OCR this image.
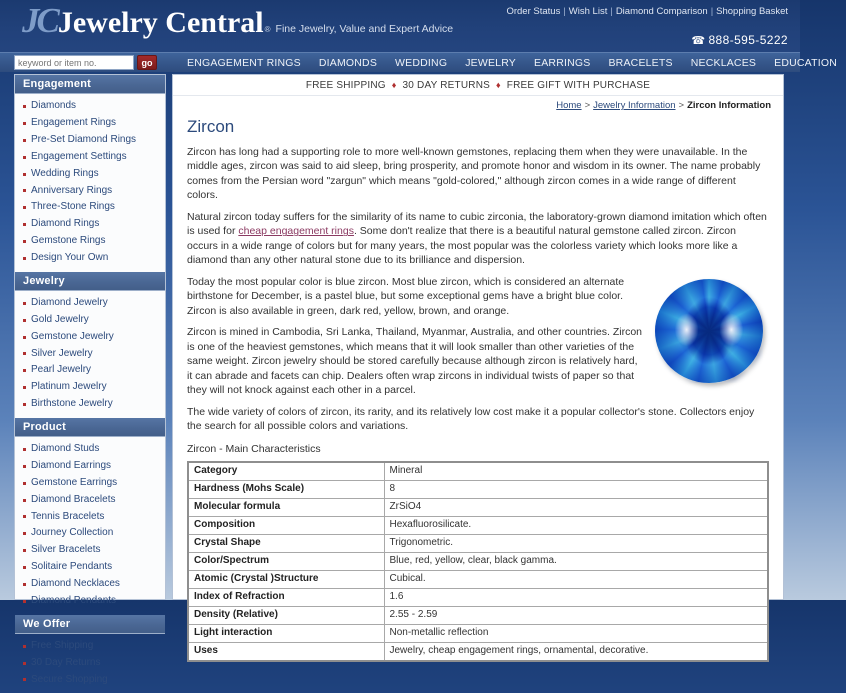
JC Jewelry Central ® Fine Jewelry, Value and Expert Advice
Order Status | Wish List | Diamond Comparison | Shopping Basket
☎ 888-595-5222
ENGAGEMENT RINGS	DIAMONDS	WEDDING	JEWELRY	EARRINGS	BRACELETS	NECKLACES	EDUCATION
keyword or item no.
go
Engagement
Diamonds
Engagement Rings
Pre-Set Diamond Rings
Engagement Settings
Wedding Rings
Anniversary Rings
Three-Stone Rings
Diamond Rings
Gemstone Rings
Design Your Own
Jewelry
Diamond Jewelry
Gold Jewelry
Gemstone Jewelry
Silver Jewelry
Pearl Jewelry
Platinum Jewelry
Birthstone Jewelry
Product
Diamond Studs
Diamond Earrings
Gemstone Earrings
Diamond Bracelets
Tennis Bracelets
Journey Collection
Silver Bracelets
Solitaire Pendants
Diamond Necklaces
Diamond Pendants
We Offer
Free Shipping
30 Day Returns
Secure Shopping
FREE SHIPPING ♦ 30 DAY RETURNS ♦ FREE GIFT WITH PURCHASE
Home > Jewelry Information > Zircon Information
Zircon

Zircon has long had a supporting role to more well-known gemstones, replacing them when they were unavailable. In the middle ages, zircon was said to aid sleep, bring prosperity, and promote honor and wisdom in its owner. The name probably comes from the Persian word "zargun" which means "gold-colored," although zircon comes in a wide range of different colors.

Natural zircon today suffers for the similarity of its name to cubic zirconia, the laboratory-grown diamond imitation which often is used for cheap engagement rings. Some don't realize that there is a beautiful natural gemstone called zircon. Zircon occurs in a wide range of colors but for many years, the most popular was the colorless variety which looks more like a diamond than any other natural stone due to its brilliance and dispersion.

Today the most popular color is blue zircon. Most blue zircon, which is considered an alternate birthstone for December, is a pastel blue, but some exceptional gems have a bright blue color. Zircon is also available in green, dark red, yellow, brown, and orange.

Zircon is mined in Cambodia, Sri Lanka, Thailand, Myanmar, Australia, and other countries. Zircon is one of the heaviest gemstones, which means that it will look smaller than other varieties of the same weight. Zircon jewelry should be stored carefully because although zircon is relatively hard, it can abrade and facets can chip. Dealers often wrap zircons in individual twists of paper so that they will not knock against each other in a parcel.

The wide variety of colors of zircon, its rarity, and its relatively low cost make it a popular collector's stone. Collectors enjoy the search for all possible colors and variations.

Zircon - Main Characteristics
Category	Mineral
Hardness (Mohs Scale)	8
Molecular formula	ZrSiO4
Composition	Hexafluorosilicate.
Crystal Shape	Trigonometric.
Color/Spectrum	Blue, red, yellow, clear, black gamma.
Atomic (Crystal )Structure	Cubical.
Index of Refraction	1.6
Density (Relative)	2.55 - 2.59
Light interaction	Non-metallic reflection
Uses	Jewelry, cheap engagement rings, ornamental, decorative.
